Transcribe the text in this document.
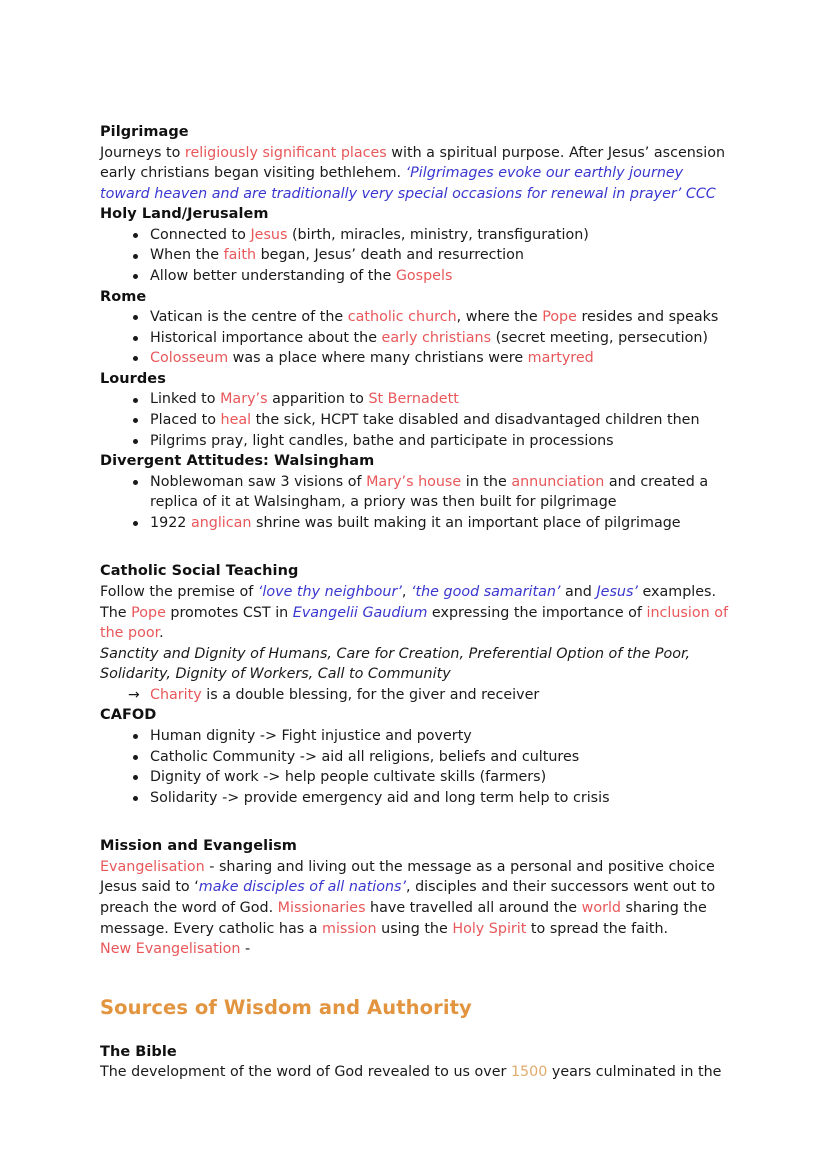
Pilgrimage

Journeys to religiously significant places with a spiritual purpose. After Jesus’ ascension early christians began visiting bethlehem. ‘Pilgrimages evoke our earthly journey toward heaven and are traditionally very special occasions for renewal in prayer’ CCC

Holy Land/Jerusalem
Connected to Jesus (birth, miracles, ministry, transfiguration)
When the faith began, Jesus’ death and resurrection
Allow better understanding of the Gospels
Rome
Vatican is the centre of the catholic church, where the Pope resides and speaks
Historical importance about the early christians (secret meeting, persecution)
Colosseum was a place where many christians were martyred
Lourdes
Linked to Mary’s apparition to St Bernadett
Placed to heal the sick, HCPT take disabled and disadvantaged children then
Pilgrims pray, light candles, bathe and participate in processions
Divergent Attitudes: Walsingham
Noblewoman saw 3 visions of Mary’s house in the annunciation and created a replica of it at Walsingham, a priory was then built for pilgrimage
1922 anglican shrine was built making it an important place of pilgrimage
Catholic Social Teaching

Follow the premise of ‘love thy neighbour’, ‘the good samaritan’ and Jesus’ examples. The Pope promotes CST in Evangelii Gaudium expressing the importance of inclusion of the poor.

Sanctity and Dignity of Humans, Care for Creation, Preferential Option of the Poor, Solidarity, Dignity of Workers, Call to Community

→ Charity is a double blessing, for the giver and receiver
CAFOD
Human dignity -> Fight injustice and poverty
Catholic Community -> aid all religions, beliefs and cultures
Dignity of work -> help people cultivate skills (farmers)
Solidarity -> provide emergency aid and long term help to crisis
Mission and Evangelism

Evangelisation - sharing and living out the message as a personal and positive choice Jesus said to ‘make disciples of all nations’, disciples and their successors went out to preach the word of God. Missionaries have travelled all around the world sharing the message. Every catholic has a mission using the Holy Spirit to spread the faith.

New Evangelisation -

Sources of Wisdom and Authority
The Bible

The development of the word of God revealed to us over 1500 years culminated in the
